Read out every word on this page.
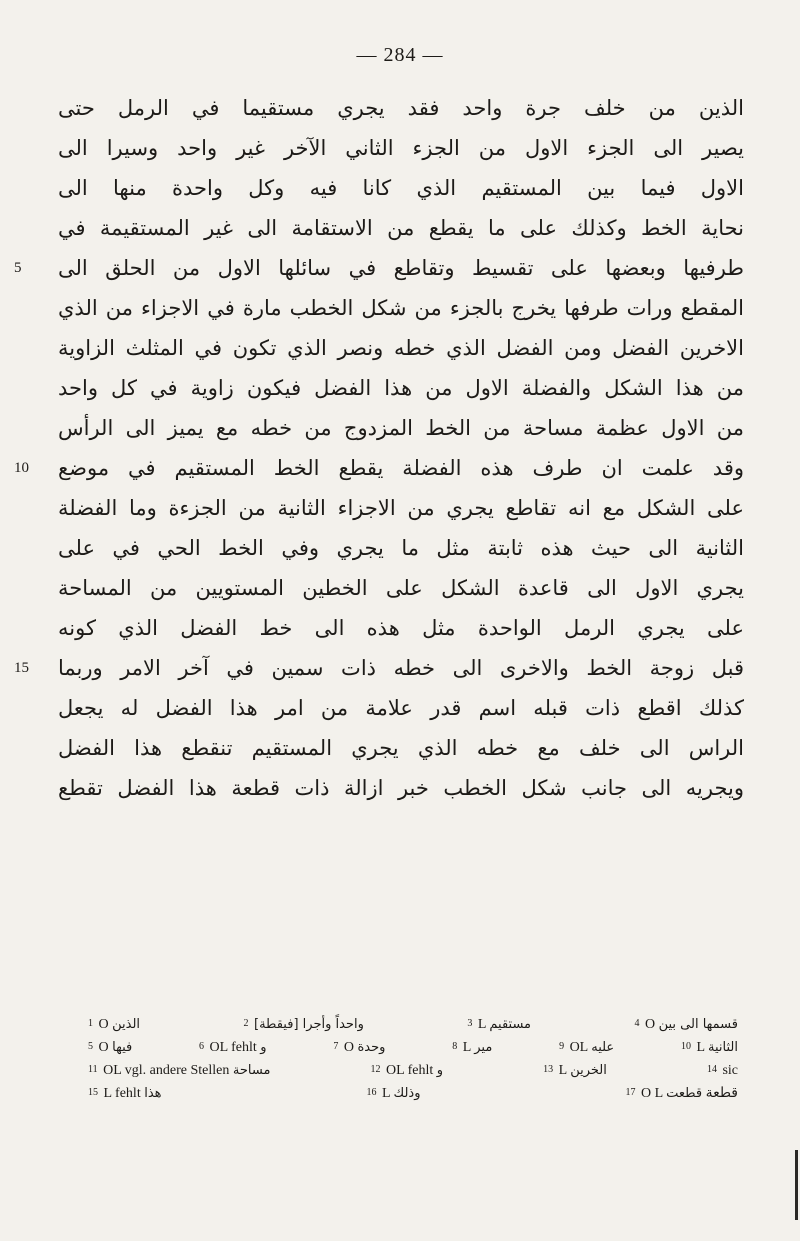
— 284 —
الذين من خلف جرة واحد فقد يجري مستقيما في الرمل حتى
يصير الى الجزء الاول من الجزء الثاني الآخر غير واحد وسيرا الى
الاول فيما بين المستقيم الذي كانا فيه وكل واحدة منها الى
نحاية الخط وكذلك على ما يقطع من الاستقامة الى غير المستقيمة في
طرفيها وبعضها على تقسيط وتقاطع في سائلها الاول من الحلق الى
5
المقطع ورات طرفها يخرج بالجزء من شكل الخطب مارة في الاجزاء من الذي
الاخرين الفضل ومن الفضل الذي خطه ونصر الذي تكون في المثلث الزاوية
من هذا الشكل والفضلة الاول من هذا الفضل فيكون زاوية في كل واحد
من الاول عظمة مساحة من الخط المزدوج من خطه مع يميز الى الرأس
وقد علمت ان طرف هذه الفضلة يقطع الخط المستقيم في موضع
10
على الشكل مع انه تقاطع يجري من الاجزاء الثانية من الجزءة وما الفضلة
الثانية الى حيث هذه ثابتة مثل ما يجري وفي الخط الحي في على
يجري الاول الى قاعدة الشكل على الخطين المستويين من المساحة
على يجري الرمل الواحدة مثل هذه الى خط الفضل الذي كونه
قبل زوجة الخط والاخرى الى خطه ذات سمين في آخر الامر وربما
15
كذلك اقطع ذات قبله اسم قدر علامة من امر هذا الفضل له يجعل
الراس الى خلف مع خطه الذي يجري المستقيم تنقطع هذا الفضل
ويجريه الى جانب شكل الخطب خبر ازالة ذات قطعة هذا الفضل تقطع
$^1$ O الذين	$^2$ [فيقطة] واحداً وأجرا	$^3$ L مستقيم	$^4$ O قسمها الى بين
$^5$ O فيها	$^6$ OL fehlt و	$^7$ O وحدة	$^8$ L مير	$^9$ OL عليه	$^{10}$ L الثانية
$^{11}$ OL vgl. andere Stellen مساحة	$^{12}$ OL fehlt و	$^{13}$ L الخرين	$^{14}$ sic
$^{15}$ L fehlt هذا	$^{16}$ L وذلك	$^{17}$ O L قطعة قطعت
